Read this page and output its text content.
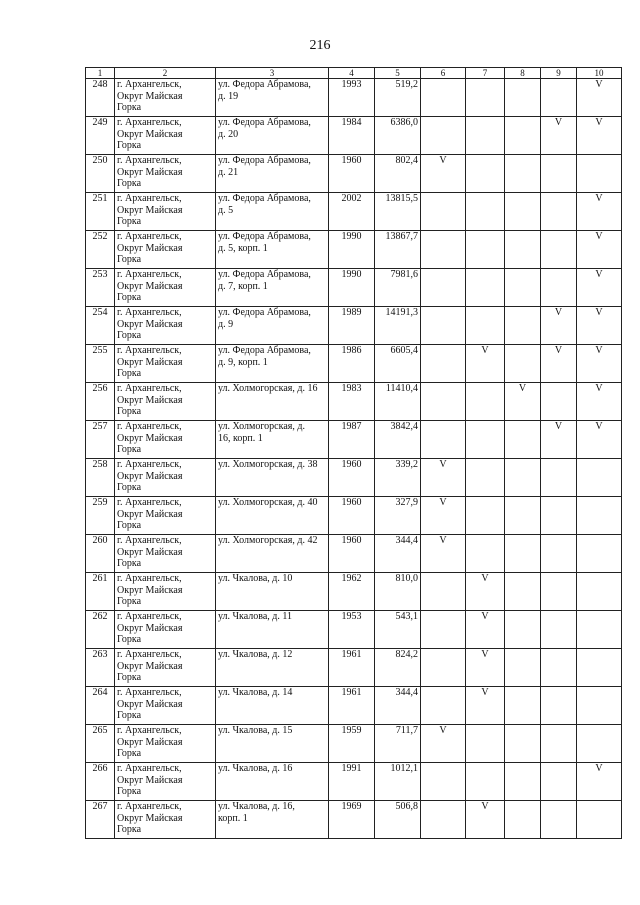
216
1	2	3	4	5	6	7	8	9	10
248	г. Архангельск,
Округ Майская
Горка	ул. Федора Абрамова,
д. 19	1993	519,2					V
249	г. Архангельск,
Округ Майская
Горка	ул. Федора Абрамова,
д. 20	1984	6386,0				V	V
250	г. Архангельск,
Округ Майская
Горка	ул. Федора Абрамова,
д. 21	1960	802,4	V				
251	г. Архангельск,
Округ Майская
Горка	ул. Федора Абрамова,
д. 5	2002	13815,5					V
252	г. Архангельск,
Округ Майская
Горка	ул. Федора Абрамова,
д. 5, корп. 1	1990	13867,7					V
253	г. Архангельск,
Округ Майская
Горка	ул. Федора Абрамова,
д. 7, корп. 1	1990	7981,6					V
254	г. Архангельск,
Округ Майская
Горка	ул. Федора Абрамова,
д. 9	1989	14191,3				V	V
255	г. Архангельск,
Округ Майская
Горка	ул. Федора Абрамова,
д. 9, корп. 1	1986	6605,4		V		V	V
256	г. Архангельск,
Округ Майская
Горка	ул. Холмогорская, д. 16	1983	11410,4			V		V
257	г. Архангельск,
Округ Майская
Горка	ул. Холмогорская, д.
16, корп. 1	1987	3842,4				V	V
258	г. Архангельск,
Округ Майская
Горка	ул. Холмогорская, д. 38	1960	339,2	V				
259	г. Архангельск,
Округ Майская
Горка	ул. Холмогорская, д. 40	1960	327,9	V				
260	г. Архангельск,
Округ Майская
Горка	ул. Холмогорская, д. 42	1960	344,4	V				
261	г. Архангельск,
Округ Майская
Горка	ул. Чкалова, д. 10	1962	810,0		V			
262	г. Архангельск,
Округ Майская
Горка	ул. Чкалова, д. 11	1953	543,1		V			
263	г. Архангельск,
Округ Майская
Горка	ул. Чкалова, д. 12	1961	824,2		V			
264	г. Архангельск,
Округ Майская
Горка	ул. Чкалова, д. 14	1961	344,4		V			
265	г. Архангельск,
Округ Майская
Горка	ул. Чкалова, д. 15	1959	711,7	V				
266	г. Архангельск,
Округ Майская
Горка	ул. Чкалова, д. 16	1991	1012,1					V
267	г. Архангельск,
Округ Майская
Горка	ул. Чкалова, д. 16,
корп. 1	1969	506,8		V			
